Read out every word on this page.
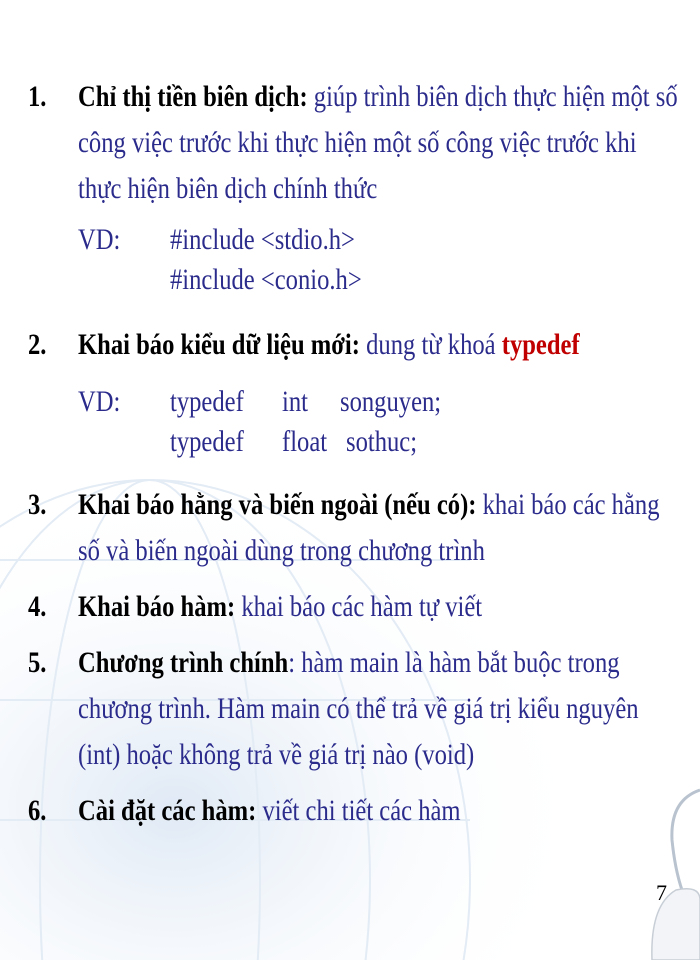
1. Chỉ thị tiền biên dịch: giúp trình biên dịch thực hiện một số
công việc trước khi thực hiện một số công việc trước khi
thực hiện biên dịch chính thức
VD: #include <stdio.h>
#include <conio.h>
2. Khai báo kiểu dữ liệu mới: dung từ khoá typedef
VD: typedef int songuyen;
typedef float sothuc;
3. Khai báo hằng và biến ngoài (nếu có): khai báo các hằng
số và biến ngoài dùng trong chương trình
4. Khai báo hàm: khai báo các hàm tự viết
5. Chương trình chính: hàm main là hàm bắt buộc trong
chương trình. Hàm main có thể trả về giá trị kiểu nguyên
(int) hoặc không trả về giá trị nào (void)
6. Cài đặt các hàm: viết chi tiết các hàm
7
